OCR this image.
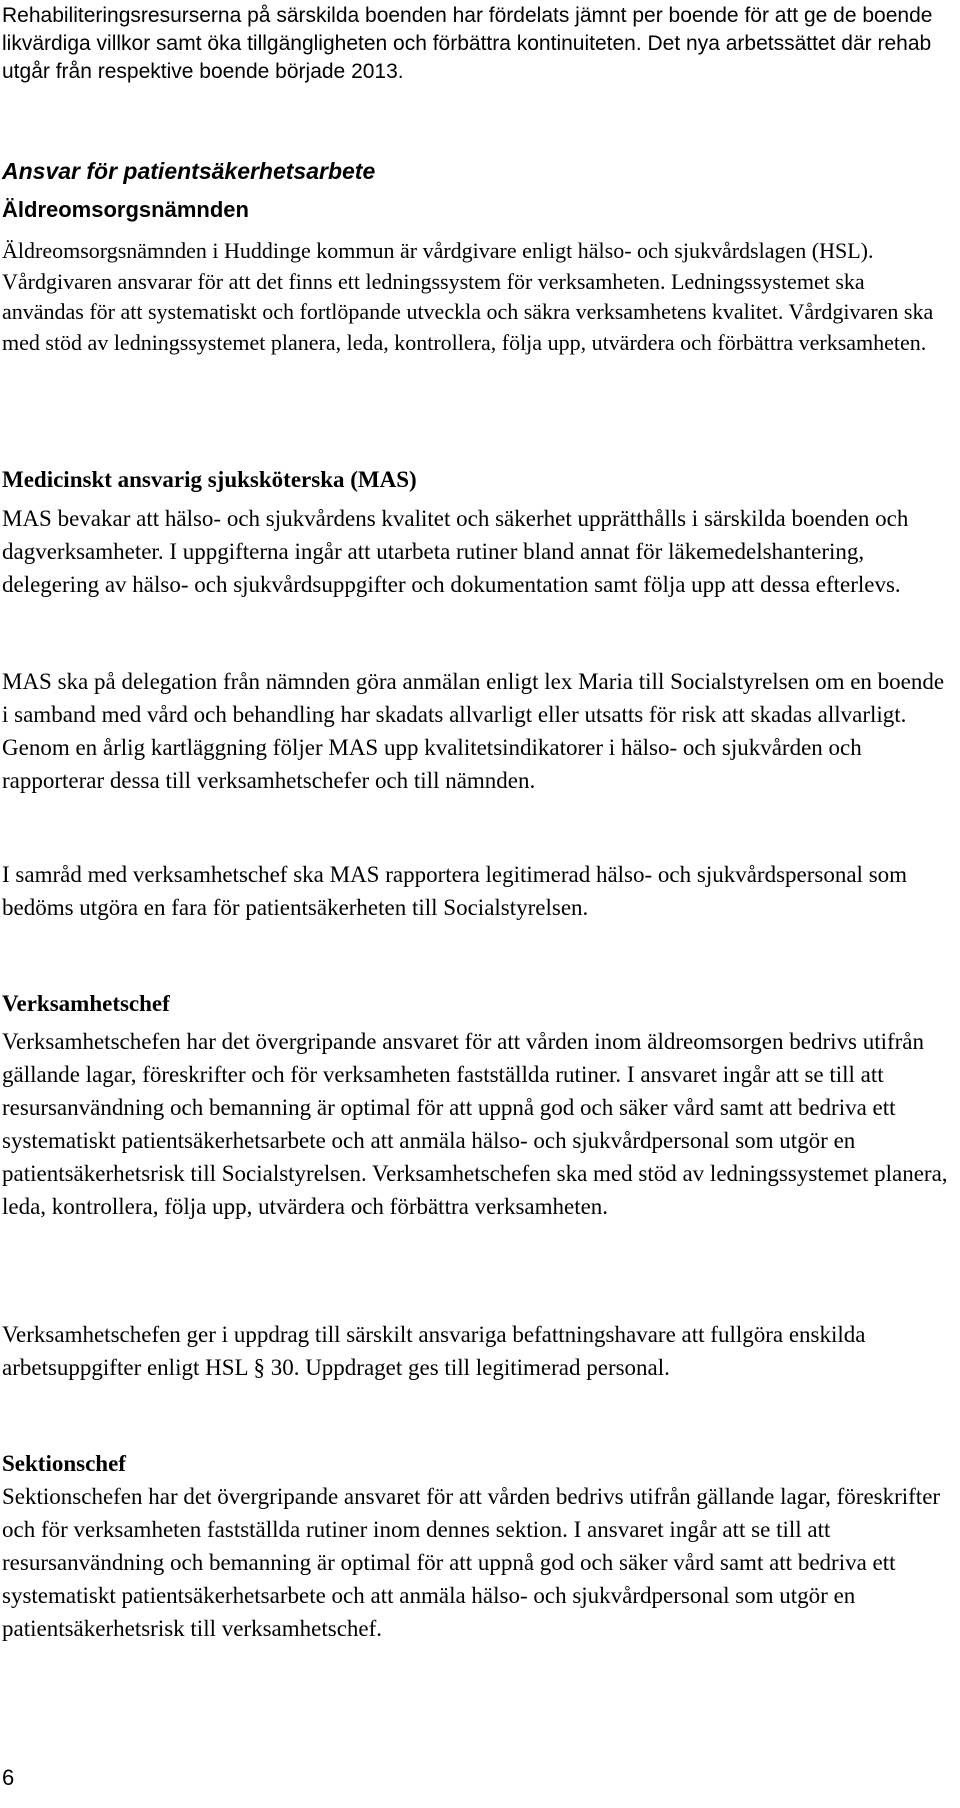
Rehabiliteringsresurserna på särskilda boenden har fördelats jämnt per boende för att ge de boende likvärdiga villkor samt öka tillgängligheten och förbättra kontinuiteten. Det nya arbetssättet där rehab utgår från respektive boende började 2013.

Ansvar för patientsäkerhetsarbete
Äldreomsorgsnämnden

Äldreomsorgsnämnden i Huddinge kommun är vårdgivare enligt hälso- och sjukvårdslagen (HSL). Vårdgivaren ansvarar för att det finns ett ledningssystem för verksamheten. Ledningssystemet ska användas för att systematiskt och fortlöpande utveckla och säkra verksamhetens kvalitet. Vårdgivaren ska med stöd av ledningssystemet planera, leda, kontrollera, följa upp, utvärdera och förbättra verksamheten.

Medicinskt ansvarig sjuksköterska (MAS)

MAS bevakar att hälso- och sjukvårdens kvalitet och säkerhet upprätthålls i särskilda boenden och dagverksamheter. I uppgifterna ingår att utarbeta rutiner bland annat för läkemedelshantering, delegering av hälso- och sjukvårdsuppgifter och dokumentation samt följa upp att dessa efterlevs.

MAS ska på delegation från nämnden göra anmälan enligt lex Maria till Socialstyrelsen om en boende i samband med vård och behandling har skadats allvarligt eller utsatts för risk att skadas allvarligt. Genom en årlig kartläggning följer MAS upp kvalitetsindikatorer i hälso- och sjukvården och rapporterar dessa till verksamhetschefer och till nämnden.

I samråd med verksamhetschef ska MAS rapportera legitimerad hälso- och sjukvårdspersonal som bedöms utgöra en fara för patientsäkerheten till Socialstyrelsen.

Verksamhetschef

Verksamhetschefen har det övergripande ansvaret för att vården inom äldreomsorgen bedrivs utifrån gällande lagar, föreskrifter och för verksamheten fastställda rutiner. I ansvaret ingår att se till att resursanvändning och bemanning är optimal för att uppnå god och säker vård samt att bedriva ett systematiskt patientsäkerhetsarbete och att anmäla hälso- och sjukvårdpersonal som utgör en patientsäkerhetsrisk till Socialstyrelsen. Verksamhetschefen ska med stöd av ledningssystemet planera, leda, kontrollera, följa upp, utvärdera och förbättra verksamheten.

Verksamhetschefen ger i uppdrag till särskilt ansvariga befattningshavare att fullgöra enskilda arbetsuppgifter enligt HSL § 30. Uppdraget ges till legitimerad personal.

Sektionschef

Sektionschefen har det övergripande ansvaret för att vården bedrivs utifrån gällande lagar, föreskrifter och för verksamheten fastställda rutiner inom dennes sektion. I ansvaret ingår att se till att resursanvändning och bemanning är optimal för att uppnå god och säker vård samt att bedriva ett systematiskt patientsäkerhetsarbete och att anmäla hälso- och sjukvårdpersonal som utgör en patientsäkerhetsrisk till verksamhetschef.

6
